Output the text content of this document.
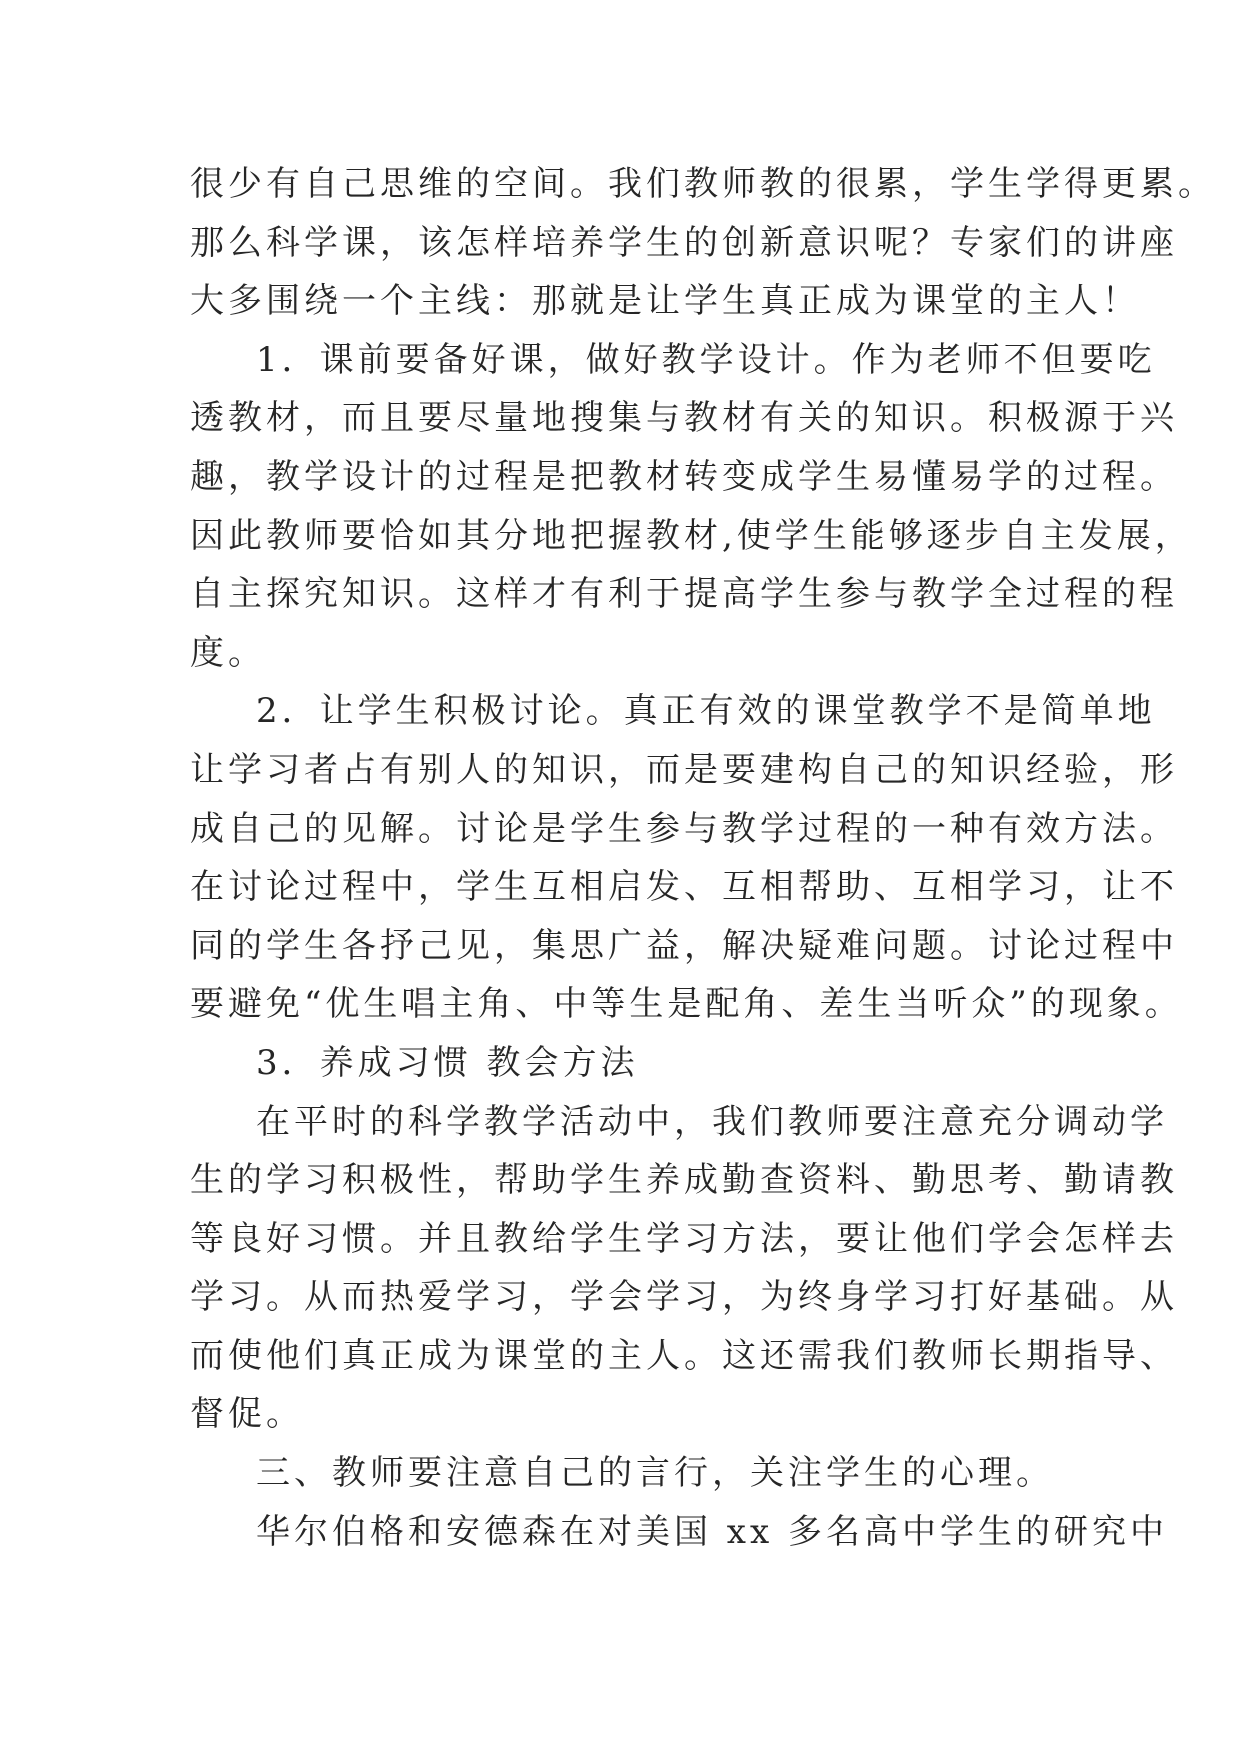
很少有自己思维的空间。我们教师教的很累，学生学得更累。
那么科学课，该怎样培养学生的创新意识呢？专家们的讲座
大多围绕一个主线：那就是让学生真正成为课堂的主人！
1．课前要备好课，做好教学设计。作为老师不但要吃
透教材，而且要尽量地搜集与教材有关的知识。积极源于兴
趣，教学设计的过程是把教材转变成学生易懂易学的过程。
因此教师要恰如其分地把握教材,使学生能够逐步自主发展，
自主探究知识。这样才有利于提高学生参与教学全过程的程
度。
2．让学生积极讨论。真正有效的课堂教学不是简单地
让学习者占有别人的知识，而是要建构自己的知识经验，形
成自己的见解。讨论是学生参与教学过程的一种有效方法。
在讨论过程中，学生互相启发、互相帮助、互相学习，让不
同的学生各抒己见，集思广益，解决疑难问题。讨论过程中
要避免“优生唱主角、中等生是配角、差生当听众”的现象。
3．养成习惯 教会方法
在平时的科学教学活动中，我们教师要注意充分调动学
生的学习积极性，帮助学生养成勤查资料、勤思考、勤请教
等良好习惯。并且教给学生学习方法，要让他们学会怎样去
学习。从而热爱学习，学会学习，为终身学习打好基础。从
而使他们真正成为课堂的主人。这还需我们教师长期指导、
督促。
三、教师要注意自己的言行，关注学生的心理。
华尔伯格和安德森在对美国 xx 多名高中学生的研究中
